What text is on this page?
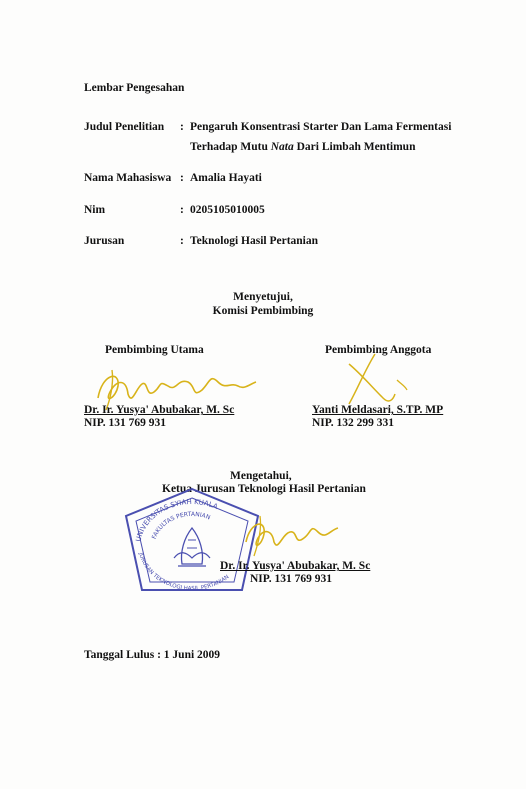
Lembar Pengesahan
Judul Penelitian : Pengaruh Konsentrasi Starter Dan Lama Fermentasi
Terhadap Mutu Nata Dari Limbah Mentimun
Nama Mahasiswa : Amalia Hayati
Nim	: 0205105010005
Jurusan	: Teknologi Hasil Pertanian
Menyetujui,
Komisi Pembimbing
Pembimbing Utama	Pembimbing Anggota
Dr. Ir. Yusya' Abubakar, M. Sc
NIP. 131 769 931
Yanti Meldasari, S.TP. MP
NIP. 132 299 331
Mengetahui,
Ketua Jurusan Teknologi Hasil Pertanian
UNIVERSITAS SYIAH KUALA
FAKULTAS PERTANIAN
JURUSAN TEKNOLOGI HASIL PERTANIAN
Dr. Ir. Yusya' Abubakar, M. Sc
NIP. 131 769 931
Tanggal Lulus : 1 Juni 2009
